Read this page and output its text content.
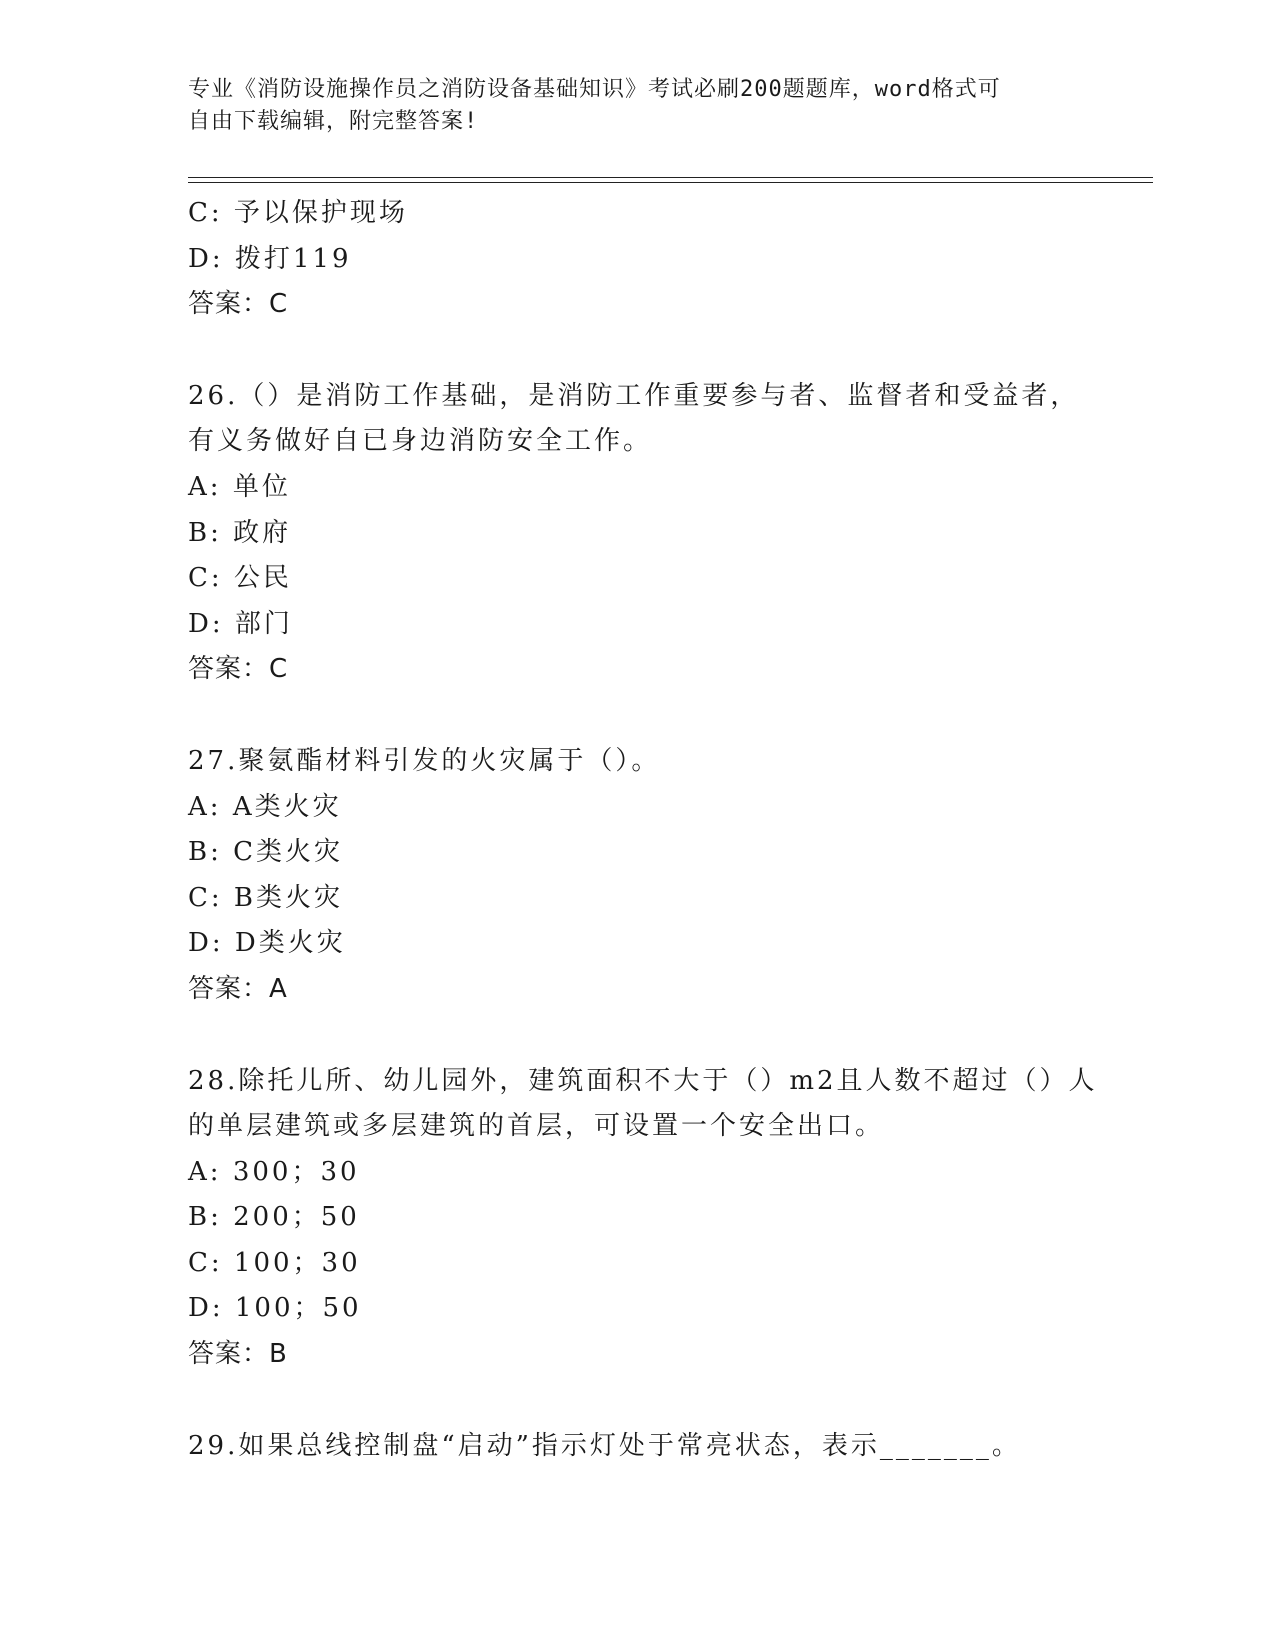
专业《消防设施操作员之消防设备基础知识》考试必刷200题题库，word格式可
自由下载编辑，附完整答案!
C: 予以保护现场
D: 拨打119
答案：C
26.（）是消防工作基础，是消防工作重要参与者、监督者和受益者，
有义务做好自已身边消防安全工作。
A: 单位
B: 政府
C: 公民
D: 部门
答案：C
27.聚氨酯材料引发的火灾属于（）。
A: A类火灾
B: C类火灾
C: B类火灾
D: D类火灾
答案：A
28.除托儿所、幼儿园外，建筑面积不大于（）m2且人数不超过（）人
的单层建筑或多层建筑的首层，可设置一个安全出口。
A: 300；30
B: 200；50
C: 100；30
D: 100；50
答案：B
29.如果总线控制盘“启动”指示灯处于常亮状态，表示_______。
